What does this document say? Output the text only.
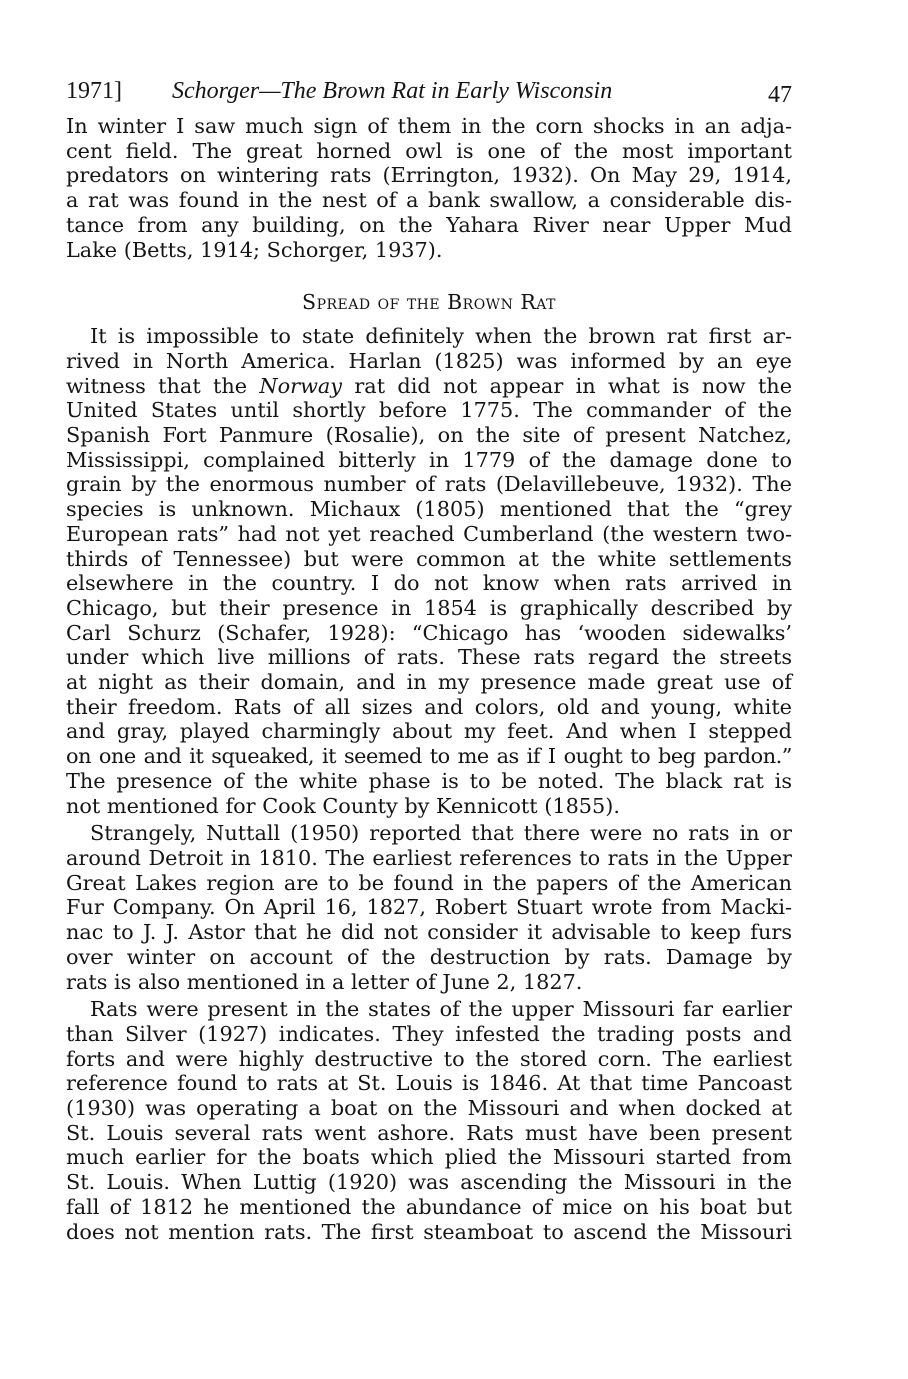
1971] Schorger—The Brown Rat in Early Wisconsin	47
In winter I saw much sign of them in the corn shocks in an adja-
cent field. The great horned owl is one of the most important
predators on wintering rats (Errington, 1932). On May 29, 1914,
a rat was found in the nest of a bank swallow, a considerable dis-
tance from any building, on the Yahara River near Upper Mud
Lake (Betts, 1914; Schorger, 1937).
Spread of the Brown Rat
It is impossible to state definitely when the brown rat first ar-
rived in North America. Harlan (1825) was informed by an eye
witness that the Norway rat did not appear in what is now the
United States until shortly before 1775. The commander of the
Spanish Fort Panmure (Rosalie), on the site of present Natchez,
Mississippi, complained bitterly in 1779 of the damage done to
grain by the enormous number of rats (Delavillebeuve, 1932). The
species is unknown. Michaux (1805) mentioned that the “grey
European rats” had not yet reached Cumberland (the western two-
thirds of Tennessee) but were common at the white settlements
elsewhere in the country. I do not know when rats arrived in
Chicago, but their presence in 1854 is graphically described by
Carl Schurz (Schafer, 1928): “Chicago has ‘wooden sidewalks’
under which live millions of rats. These rats regard the streets
at night as their domain, and in my presence made great use of
their freedom. Rats of all sizes and colors, old and young, white
and gray, played charmingly about my feet. And when I stepped
on one and it squeaked, it seemed to me as if I ought to beg pardon.”
The presence of the white phase is to be noted. The black rat is
not mentioned for Cook County by Kennicott (1855).
Strangely, Nuttall (1950) reported that there were no rats in or
around Detroit in 1810. The earliest references to rats in the Upper
Great Lakes region are to be found in the papers of the American
Fur Company. On April 16, 1827, Robert Stuart wrote from Macki-
nac to J. J. Astor that he did not consider it advisable to keep furs
over winter on account of the destruction by rats. Damage by
rats is also mentioned in a letter of June 2, 1827.
Rats were present in the states of the upper Missouri far earlier
than Silver (1927) indicates. They infested the trading posts and
forts and were highly destructive to the stored corn. The earliest
reference found to rats at St. Louis is 1846. At that time Pancoast
(1930) was operating a boat on the Missouri and when docked at
St. Louis several rats went ashore. Rats must have been present
much earlier for the boats which plied the Missouri started from
St. Louis. When Luttig (1920) was ascending the Missouri in the
fall of 1812 he mentioned the abundance of mice on his boat but
does not mention rats. The first steamboat to ascend the Missouri
